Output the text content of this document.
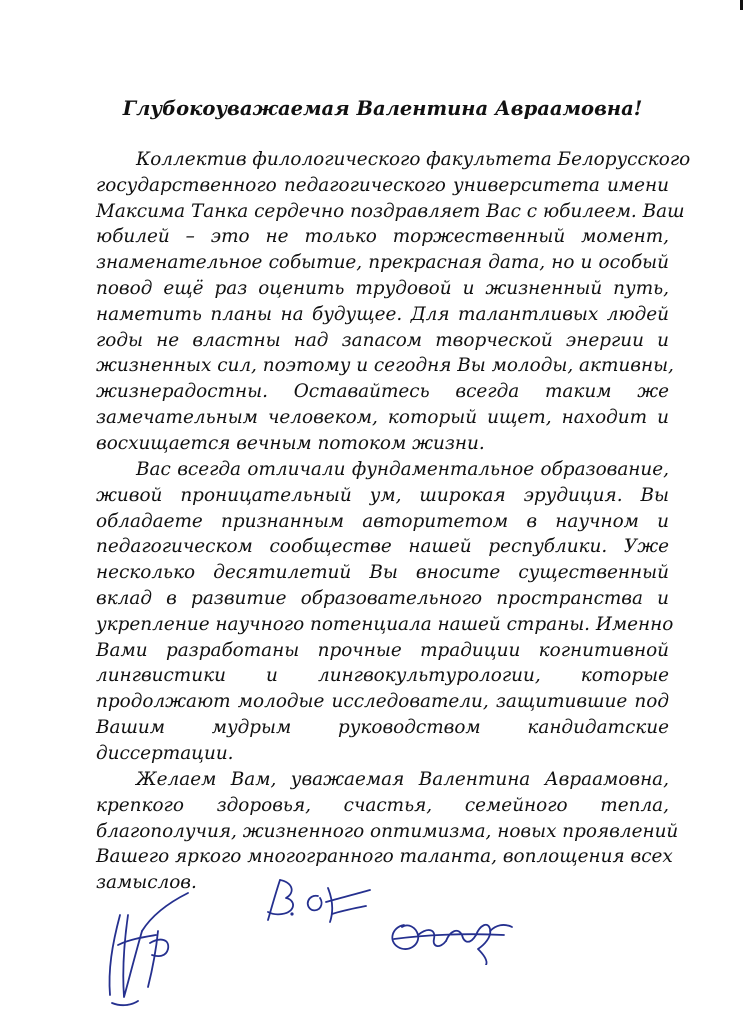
Глубокоуважаемая Валентина Авраамовна!
Коллектив филологического факультета Белорусского
государственного педагогического университета имени
Максима Танка сердечно поздравляет Вас с юбилеем. Ваш
юбилей – это не только торжественный момент,
знаменательное событие, прекрасная дата, но и особый
повод ещё раз оценить трудовой и жизненный путь,
наметить планы на будущее. Для талантливых людей
годы не властны над запасом творческой энергии и
жизненных сил, поэтому и сегодня Вы молоды, активны,
жизнерадостны. Оставайтесь всегда таким же
замечательным человеком, который ищет, находит и
восхищается вечным потоком жизни.
Вас всегда отличали фундаментальное образование,
живой проницательный ум, широкая эрудиция. Вы
обладаете признанным авторитетом в научном и
педагогическом сообществе нашей республики. Уже
несколько десятилетий Вы вносите существенный
вклад в развитие образовательного пространства и
укрепление научного потенциала нашей страны. Именно
Вами разработаны прочные традиции когнитивной
лингвистики и лингвокультурологии, которые
продолжают молодые исследователи, защитившие под
Вашим мудрым руководством кандидатские
диссертации.
Желаем Вам, уважаемая Валентина Авраамовна,
крепкого здоровья, счастья, семейного тепла,
благополучия, жизненного оптимизма, новых проявлений
Вашего яркого многогранного таланта, воплощения всех
замыслов.
